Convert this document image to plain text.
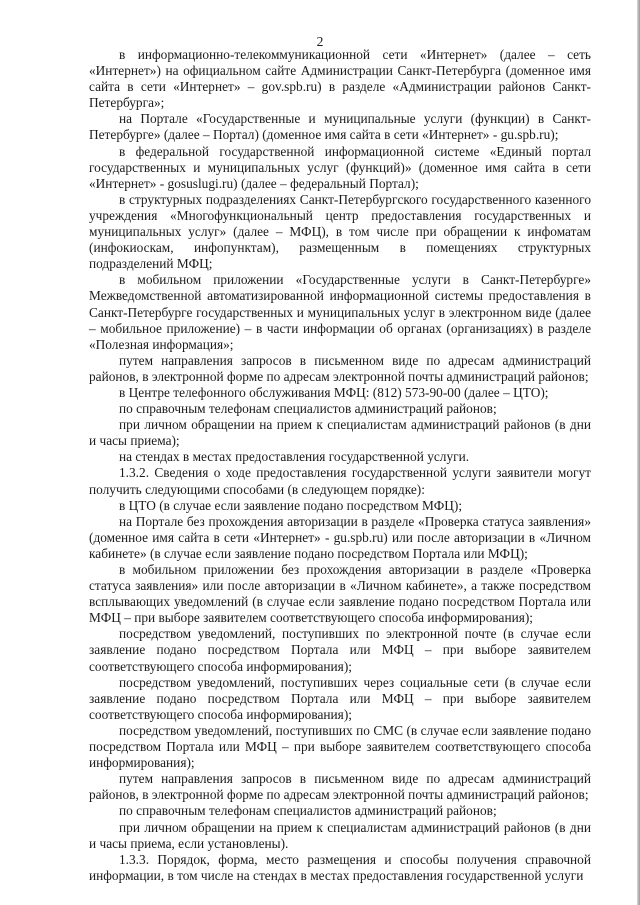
2

в информационно-телекоммуникационной сети «Интернет» (далее – сеть «Интернет») на официальном сайте Администрации Санкт-Петербурга (доменное имя сайта в сети «Интернет» – gov.spb.ru) в разделе «Администрации районов Санкт-Петербурга»;

на Портале «Государственные и муниципальные услуги (функции) в Санкт-Петербурге» (далее – Портал) (доменное имя сайта в сети «Интернет» - gu.spb.ru);

в федеральной государственной информационной системе «Единый портал государственных и муниципальных услуг (функций)» (доменное имя сайта в сети «Интернет» - gosuslugi.ru) (далее – федеральный Портал);

в структурных подразделениях Санкт-Петербургского государственного казенного учреждения «Многофункциональный центр предоставления государственных и муниципальных услуг» (далее – МФЦ), в том числе при обращении к инфоматам (инфокиоскам, инфопунктам), размещенным в помещениях структурных подразделений МФЦ;

в мобильном приложении «Государственные услуги в Санкт-Петербурге» Межведомственной автоматизированной информационной системы предоставления в Санкт-Петербурге государственных и муниципальных услуг в электронном виде (далее – мобильное приложение) – в части информации об органах (организациях) в разделе «Полезная информация»;

путем направления запросов в письменном виде по адресам администраций районов, в электронной форме по адресам электронной почты администраций районов;

в Центре телефонного обслуживания МФЦ: (812) 573-90-00 (далее – ЦТО);

по справочным телефонам специалистов администраций районов;

при личном обращении на прием к специалистам администраций районов (в дни и часы приема);

на стендах в местах предоставления государственной услуги.

1.3.2. Сведения о ходе предоставления государственной услуги заявители могут получить следующими способами (в следующем порядке):

в ЦТО (в случае если заявление подано посредством МФЦ);

на Портале без прохождения авторизации в разделе «Проверка статуса заявления» (доменное имя сайта в сети «Интернет» - gu.spb.ru) или после авторизации в «Личном кабинете» (в случае если заявление подано посредством Портала или МФЦ);

в мобильном приложении без прохождения авторизации в разделе «Проверка статуса заявления» или после авторизации в «Личном кабинете», а также посредством всплывающих уведомлений (в случае если заявление подано посредством Портала или МФЦ – при выборе заявителем соответствующего способа информирования);

посредством уведомлений, поступивших по электронной почте (в случае если заявление подано посредством Портала или МФЦ – при выборе заявителем соответствующего способа информирования);

посредством уведомлений, поступивших через социальные сети (в случае если заявление подано посредством Портала или МФЦ – при выборе заявителем соответствующего способа информирования);

посредством уведомлений, поступивших по СМС (в случае если заявление подано посредством Портала или МФЦ – при выборе заявителем соответствующего способа информирования);

путем направления запросов в письменном виде по адресам администраций районов, в электронной форме по адресам электронной почты администраций районов;

по справочным телефонам специалистов администраций районов;

при личном обращении на прием к специалистам администраций районов (в дни и часы приема, если установлены).

1.3.3. Порядок, форма, место размещения и способы получения справочной информации, в том числе на стендах в местах предоставления государственной услуги
